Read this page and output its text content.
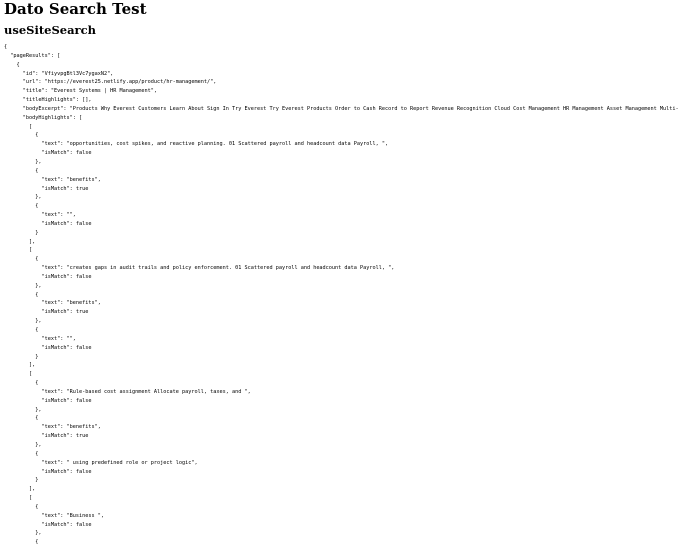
Dato Search Test
useSiteSearch
{
"pageResults": [
{
"id": "VfiyvpgBtl3Vc7ygaxN2",
"url": "https://everest25.netlify.app/product/hr-management/",
"title": "Everest Systems | HR Management",
"titleHighlights": [],
"bodyExcerpt": "Products Why Everest Customers Learn About Sign In Try Everest Try Everest Products Order to Cash Record to Report Revenue Recognition Cloud Cost Management HR Management Asset Management Multi-
"bodyHighlights": [
[
{
"text": "opportunities, cost spikes, and reactive planning. 01 Scattered payroll and headcount data Payroll, ",
"isMatch": false
},
{
"text": "benefits",
"isMatch": true
},
{
"text": "",
"isMatch": false
}
],
[
{
"text": "creates gaps in audit trails and policy enforcement. 01 Scattered payroll and headcount data Payroll, ",
"isMatch": false
},
{
"text": "benefits",
"isMatch": true
},
{
"text": "",
"isMatch": false
}
],
[
{
"text": "Rule-based cost assignment Allocate payroll, taxes, and ",
"isMatch": false
},
{
"text": "benefits",
"isMatch": true
},
{
"text": " using predefined role or project logic",
"isMatch": false
}
],
[
{
"text": "Business ",
"isMatch": false
},
{
